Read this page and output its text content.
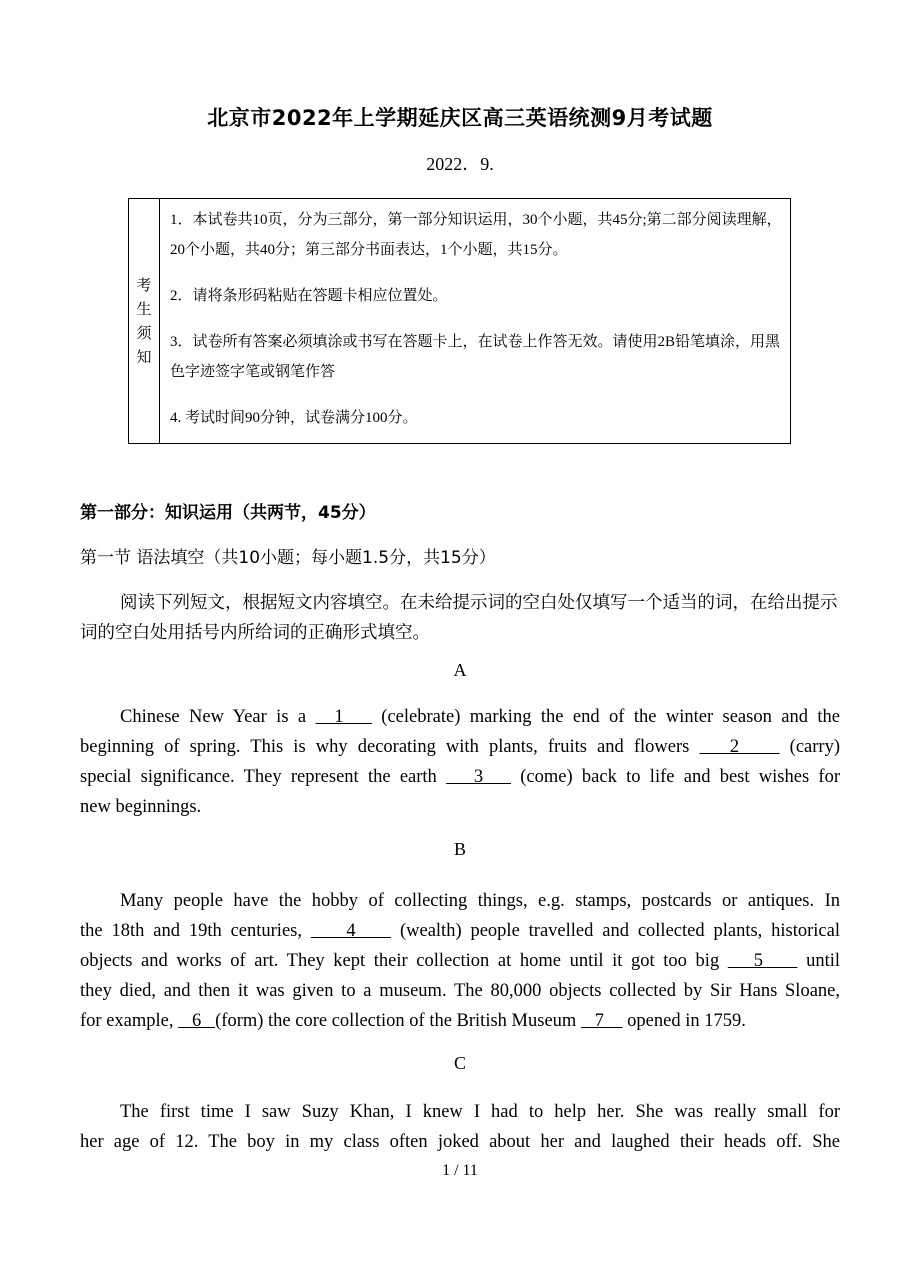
北京市2022年上学期延庆区高三英语统测9月考试题
2022．9.
考
生
须
知
1．本试卷共10页，分为三部分，第一部分知识运用，30个小题，共45分;第二部分阅读理解，20个小题，共40分；第三部分书面表达，1个小题，共15分。
2．请将条形码粘贴在答题卡相应位置处。
3．试卷所有答案必须填涂或书写在答题卡上，在试卷上作答无效。请使用2B铅笔填涂，用黑色字迹签字笔或钢笔作答
4. 考试时间90分钟，试卷满分100分。
第一部分：知识运用（共两节，45分）
第一节 语法填空（共10小题；每小题1.5分，共15分）
阅读下列短文，根据短文内容填空。在未给提示词的空白处仅填写一个适当的词，在给出提示词的空白处用括号内所给词的正确形式填空。
A
Chinese New Year is a   1    (celebrate) marking the end of the winter season and the
beginning of spring. This is why decorating with plants, fruits and flowers    2     (carry)
special significance. They represent the earth    3    (come) back to life and best wishes for
new beginnings.
B
Many people have the hobby of collecting things, e.g. stamps, postcards or antiques. In
the 18th and 19th centuries,     4     (wealth) people travelled and collected plants, historical
objects and works of art. They kept their collection at home until it got too big    5     until
they died, and then it was given to a museum. The 80,000 objects collected by Sir Hans Sloane,
for example,    6   (form) the core collection of the British Museum    7     opened in 1759.
C
The first time I saw Suzy Khan, I knew I had to help her. She was really small for
her age of 12. The boy in my class often joked about her and laughed their heads off. She
1 / 11
